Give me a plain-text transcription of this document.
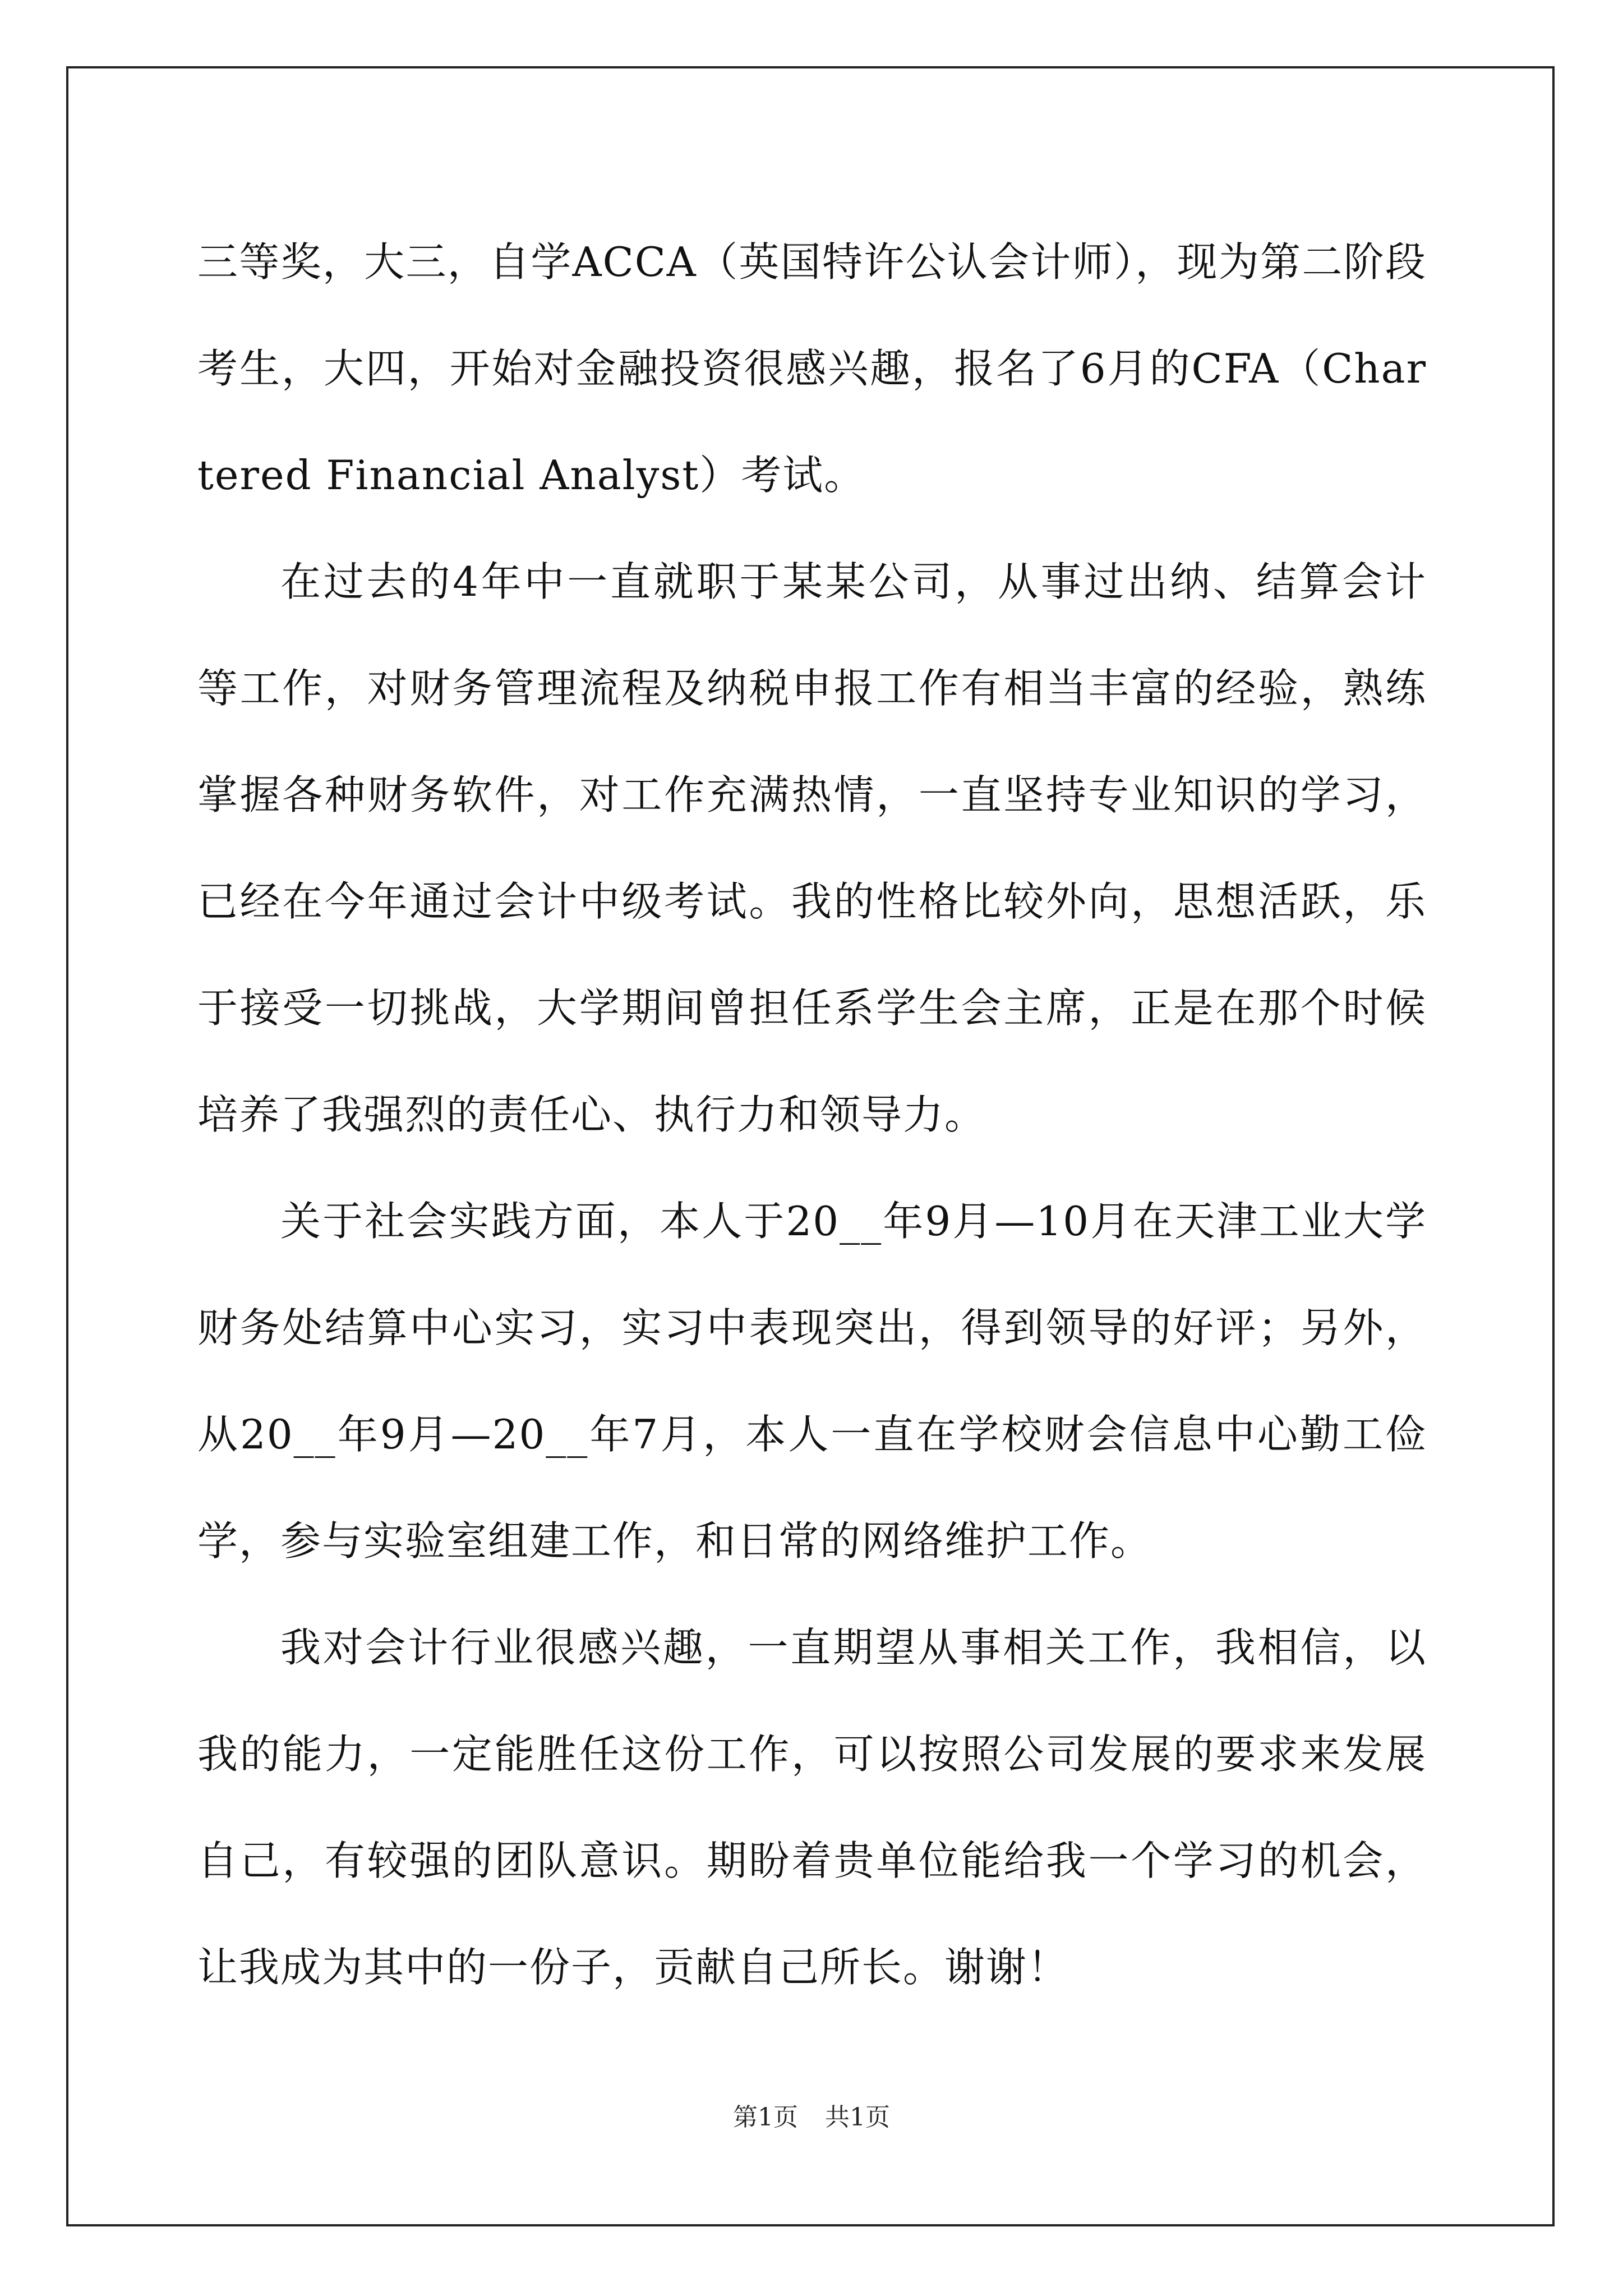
三等奖，大三，自学ACCA（英国特许公认会计师），现为第二阶段考生，大四，开始对金融投资很感兴趣，报名了6月的CFA（Chartered Financial Analyst）考试。

在过去的4年中一直就职于某某公司，从事过出纳、结算会计等工作，对财务管理流程及纳税申报工作有相当丰富的经验，熟练掌握各种财务软件，对工作充满热情，一直坚持专业知识的学习，已经在今年通过会计中级考试。我的性格比较外向，思想活跃，乐于接受一切挑战，大学期间曾担任系学生会主席，正是在那个时候培养了我强烈的责任心、执行力和领导力。

关于社会实践方面，本人于20__年9月—10月在天津工业大学财务处结算中心实习，实习中表现突出，得到领导的好评；另外，从20__年9月—20__年7月，本人一直在学校财会信息中心勤工俭学，参与实验室组建工作，和日常的网络维护工作。

我对会计行业很感兴趣，一直期望从事相关工作，我相信，以我的能力，一定能胜任这份工作，可以按照公司发展的要求来发展自己，有较强的团队意识。期盼着贵单位能给我一个学习的机会，让我成为其中的一份子，贡献自己所长。谢谢！

第1页 共1页
